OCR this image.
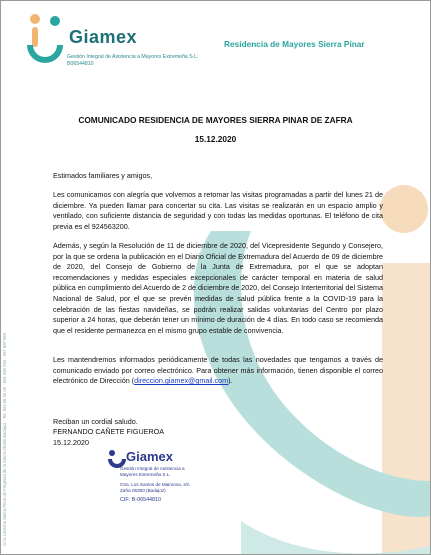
Giamex
Gestión Integral de Asistencia a Mayores Extremeña S.L.
B06544810
Residencia de Mayores Sierra Pinar
C/ la Linterna Sierra Pinar de Fregenal de la Sierra 06480 Badajoz · Tel. 924 56 32 00 · 691 490 294 · 657 897 965
COMUNICADO RESIDENCIA DE MAYORES SIERRA PINAR DE ZAFRA
15.12.2020
Estimados familiares y amigos,
Les comunicamos con alegría que volvemos a retomar las visitas programadas a partir del lunes 21 de diciembre. Ya pueden llamar para concertar su cita. Las visitas se realizarán en un espacio amplio y ventilado, con suficiente distancia de seguridad y con todas las medidas oportunas. El teléfono de cita previa es el 924563200.
Además, y según la Resolución de 11 de diciembre de 2020, del Vicepresidente Segundo y Consejero, por la que se ordena la publicación en el Diario Oficial de Extremadura del Acuerdo de 09 de diciembre de 2020, del Consejo de Gobierno de la Junta de Extremadura, por el que se adoptan recomendaciones y medidas especiales excepcionales de carácter temporal en materia de salud pública en cumplimiento del Acuerdo de 2 de diciembre de 2020, del Consejo Interterritorial del Sistema Nacional de Salud, por el que se prevén medidas de salud pública frente a la COVID-19 para la celebración de las fiestas navideñas, se podrán realizar salidas voluntarias del Centro por plazo superior a 24 horas, que deberán tener un mínimo de duración de 4 días. En todo caso se recomienda que el residente permanezca en el mismo grupo estable de convivencia.
Les mantendremos informados periódicamente de todas las novedades que tengamos a través de comunicado enviado por correo electrónico. Para obtener más información, tienen disponible el correo electrónico de Dirección (direccion.giamex@gmail.com).
Reciban un cordial saludo.
FERNANDO CAÑETE FIGUEROA
15.12.2020
Giamex
Gestión Integral de Asistencia a
Mayores Extremeña S.L.
Ctra. Los Santos de Maimona, s/n
Zafra 06300 (Badajoz)
CIF: B-06544810
